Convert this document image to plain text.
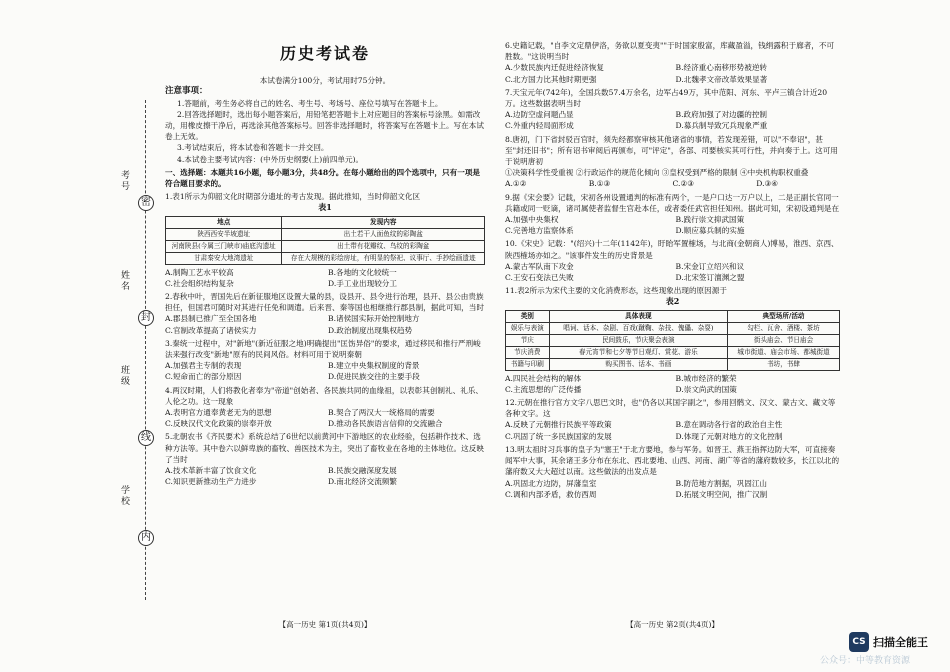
考号
姓名
班级
学校
密
封
线
内
历史考试卷

本试卷满分100分，考试用时75分钟。

注意事项：

1.答题前，考生务必将自己的姓名、考生号、考场号、座位号填写在答题卡上。

2.回答选择题时，选出每小题答案后，用铅笔把答题卡上对应题目的答案标号涂黑。如需改动，用橡皮擦干净后，再选涂其他答案标号。回答非选择题时，将答案写在答题卡上。写在本试卷上无效。

3.考试结束后，将本试卷和答题卡一并交回。

4.本试卷主要考试内容：(中外历史纲要(上)前四单元)。

一、选择题：本题共16小题，每小题3分，共48分。在每小题给出的四个选项中，只有一项是符合题目要求的。

1.表1所示为仰韶文化时期部分遗址的考古发现。据此推知，当时仰韶文化区

表1
地点	发现内容
陕西西安半坡遗址	出土若干人面鱼纹的彩陶盆
河南陕县(今属三门峡市)庙底沟遗址	出土带有花瓣纹、鸟纹的彩陶盆
甘肃秦安大地湾遗址	存在大规模的彩绘房址，有明显的祭祀、议事厅、手抄绘画遗迹
A.制陶工艺水平较高	B.各地的文化较统一
C.社会组织结构复杂	D.手工业出现较分工

2.春秋中叶，晋国先后在新征服地区设置大量的县，设县开、县令进行治理，县开、县公由贵族担任，但国君可随时对其进行任免和调遣。后来晋、秦等国也相继推行郡县制，据此可知，当时

A.郡县制已推广至全国各地	B.诸侯国实际开始控制地方
C.官制改革提高了诸侯实力	D.政治制度出现集权趋势

3.秦统一过程中，对"新地"(新近征服之地)明确提出"匡饬异俗"的要求，通过移民和推行严刑峻法来强行改变"新地"原有的民间风俗。材料可用于说明秦朝

A.加强君主专制的表现	B.建立中央集权制度的背景
C.短命而亡的部分原因	D.促进民族交往的主要手段

4.两汉时期，人们将教化者奉为"帝道"创始者、各民族共同的血缘祖，以表彰其创制礼、礼乐、人伦之功。这一现象

A.表明官方通奉黄老无为的思想	B.契合了两汉大一统格局的需要
C.反映汉代文化政策的崇奉开放	D.推动各民族语言信仰的交流融合

5.北朝农书《齐民要术》系统总结了6世纪以前黄河中下游地区的农业经验，包括耕作技术、选种方法等。其中卷六以鲜卑族的畜牧、兽医技术为主，突出了畜牧业在各地的主体地位。这反映了当时

A.技术革新丰富了饮食文化	B.民族交融深度发展
C.知识更新推动生产力进步	D.南北经济交流频繁
【高一历史 第1页(共4页)】

6.史籍记载，"自李文定鼎伊洛，务欲以夏变夷""于时国家殷富，库藏盈溢，钱绢露积于廊者，不可胜数。"这说明当时

A.少数民族内迁促进经济恢复	B.经济重心南移形势被逆转
C.北方国力比其他时期更强	D.北魏孝文帝改革效果显著

7.天宝元年(742年)，全国兵数57.4万余名，边军占49万，其中范阳、河东、平卢三镇合计近20万。这些数据表明当时

A.边防空虚问题凸显	B.政府加强了对边疆的控制
C.外重内轻局面形成	D.募兵制导致冗兵现象严重

8.唐初，门下省封驳百官时，须先经都察审核其他诸省的事情，若发现差错，可以"不奉诏"，甚至"封还旧书"；所有诏书审阅后再颁布，可"评定"，各部、司要核实其可行性，并向奏于上。这可用于说明唐初

①决策科学性受重视 ②行政运作的规范化倾向 ③皇权受到严格的限制 ④中央机构职权重叠

A.①②	B.①③	C.②③	D.③④

9.据《宋会要》记载，宋初各州设置通判的标准有两个，一是户口达一万户以上，二是正副长官同一兵籍或同一贬谪，诸司属使者监督生官赴本任，或者委任武官担任知州。据此可知，宋初设通判是在

A.加强中央集权	B.践行崇文抑武国策
C.完善地方监察体系	D.顺应募兵制的实施

10.《宋史》记载："(绍兴)十二年(1142年)，盱眙军置榷场，与北商(金朝商人)博易，淮西、京西、陕西榷场亦如之。"该事件发生的历史背景是

A.蒙古军队南下攻金	B.宋金订立绍兴和议
C.王安石变法已失败	D.北宋签订澶渊之盟

11.表2所示为宋代主要的文化消费形态，这些现象出现的原因源于

表2
类别	具体表现	典型场所/活动
娱乐与表演	唱词、话本、杂剧、百戏(蹴鞠、杂技、傀儡、杂耍)	勾栏、瓦舍、酒楼、茶坊
节庆	民间鼓乐，节庆聚会表演	街头庙会、节日庙会
节庆消费	春元宵节和七夕等节日观灯、赏花、游乐	城市街道、庙会市场、都城街道
书籍与印刷	购买图书、话本、书画	书坊，书肆
A.四民社会结构的解体	B.城市经济的繁荣
C.主流思想的广泛传播	D.崇文尚武的国策

12.元朝在推行官方文字八思巴文时，也"仍各以其国字副之"，参用回鹘文、汉文、蒙古文、藏文等各种文字。这

A.反映了元朝推行民族平等政策	B.意在调动各行省的政治自主性
C.巩固了统一多民族国家的发展	D.体现了元朝对地方的文化控制

13.明太祖时习兵事的皇子为"塞王"于北方要地，参与军务。如晋王、燕王指挥边防大军，可直接奏闻军中大事，其余诸王多分布在东北、西北要地、山西、河南、湖广等省的藩府数较多，长江以北的藩府数又大大超过以南。这些做法的出发点是

A.巩固北方边防，屏藩皇室	B.防范地方割据，巩固江山
C.调和内部矛盾，救仿西周	D.拓展文明空间，推广汉制
【高一历史 第2页(共4页)】
CS 扫描全能王
公众号：中等教育资源
